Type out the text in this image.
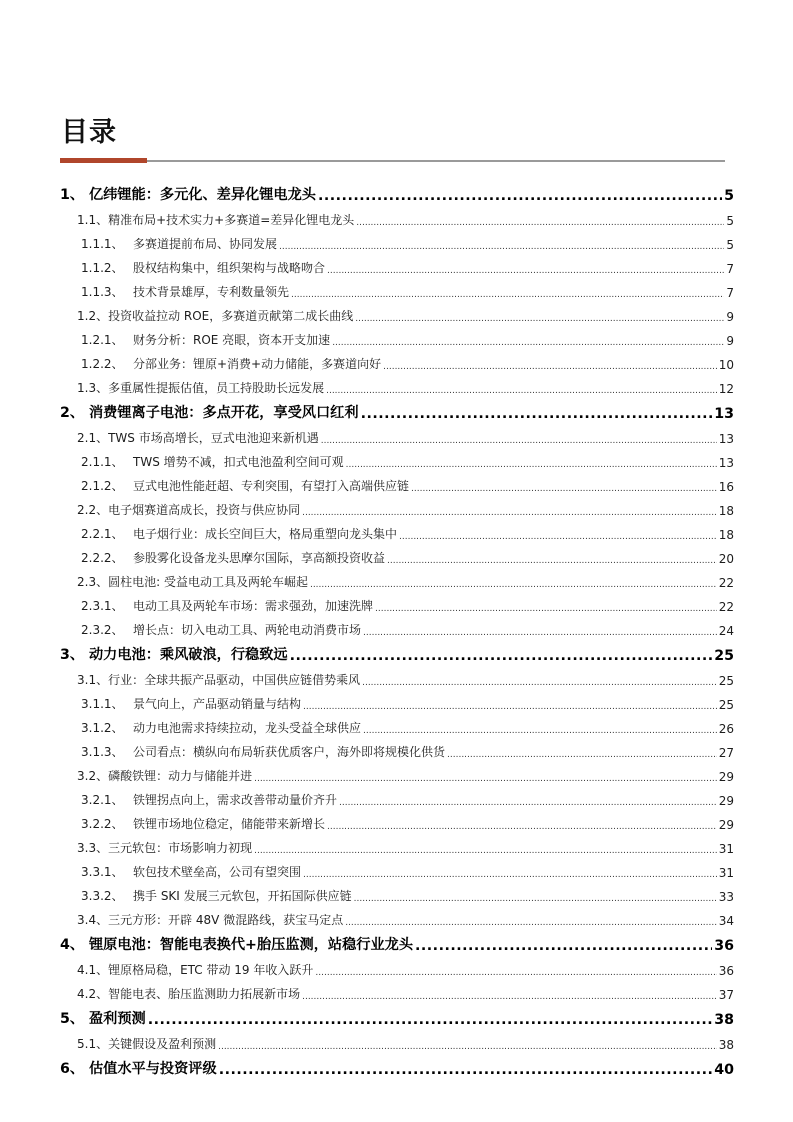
目录
1、 亿纬锂能：多元化、差异化锂电龙头 .....	5
1.1、精准布局+技术实力+多赛道=差异化锂电龙头 .....	5
1.1.1、 多赛道提前布局、协同发展 .....	5
1.1.2、 股权结构集中，组织架构与战略吻合 .....	7
1.1.3、 技术背景雄厚，专利数量领先 .....	7
1.2、投资收益拉动 ROE，多赛道贡献第二成长曲线 .....	9
1.2.1、 财务分析：ROE 亮眼，资本开支加速 .....	9
1.2.2、 分部业务：锂原+消费+动力储能，多赛道向好 .....	10
1.3、多重属性提振估值，员工持股助长远发展 .....	12
2、 消费锂离子电池：多点开花，享受风口红利 .....	13
2.1、TWS 市场高增长，豆式电池迎来新机遇 .....	13
2.1.1、 TWS 增势不减，扣式电池盈利空间可观 .....	13
2.1.2、 豆式电池性能赶超、专利突围，有望打入高端供应链 .....	16
2.2、电子烟赛道高成长，投资与供应协同 .....	18
2.2.1、 电子烟行业：成长空间巨大，格局重塑向龙头集中 .....	18
2.2.2、 参股雾化设备龙头思摩尔国际，享高额投资收益 .....	20
2.3、圆柱电池: 受益电动工具及两轮车崛起 .....	22
2.3.1、 电动工具及两轮车市场：需求强劲，加速洗牌 .....	22
2.3.2、 增长点：切入电动工具、两轮电动消费市场 .....	24
3、 动力电池：乘风破浪，行稳致远 .....	25
3.1、行业：全球共振产品驱动，中国供应链借势乘风 .....	25
3.1.1、 景气向上，产品驱动销量与结构 .....	25
3.1.2、 动力电池需求持续拉动，龙头受益全球供应 .....	26
3.1.3、 公司看点：横纵向布局斩获优质客户，海外即将规模化供货 .....	27
3.2、磷酸铁锂：动力与储能并进 .....	29
3.2.1、 铁锂拐点向上，需求改善带动量价齐升 .....	29
3.2.2、 铁锂市场地位稳定，储能带来新增长 .....	29
3.3、三元软包：市场影响力初现 .....	31
3.3.1、 软包技术壁垒高，公司有望突围 .....	31
3.3.2、 携手 SKI 发展三元软包，开拓国际供应链 .....	33
3.4、三元方形：开辟 48V 微混路线，获宝马定点 .....	34
4、 锂原电池：智能电表换代+胎压监测，站稳行业龙头 .....	36
4.1、锂原格局稳，ETC 带动 19 年收入跃升 .....	36
4.2、智能电表、胎压监测助力拓展新市场 .....	37
5、 盈利预测 .....	38
5.1、关键假设及盈利预测 .....	38
6、 估值水平与投资评级 .....	40
